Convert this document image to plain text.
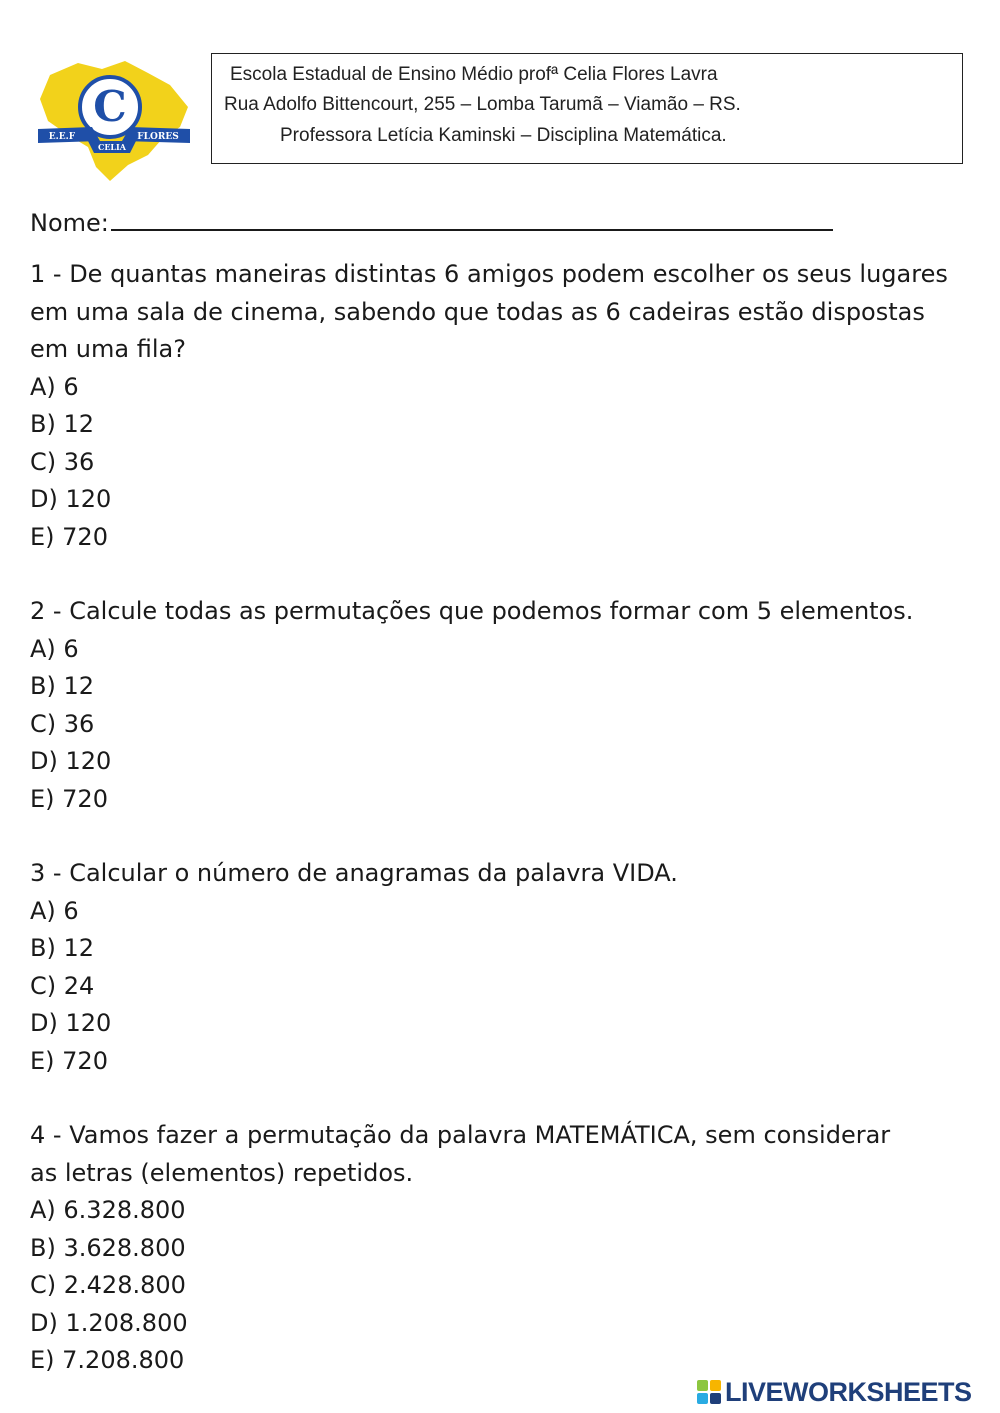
C
E.E.F	FLORES
CELIA
Escola Estadual de Ensino Médio profª Celia Flores Lavra
Rua Adolfo Bittencourt, 255 – Lomba Tarumã – Viamão – RS.
Professora Letícia Kaminski – Disciplina Matemática.
Nome:

1 - De quantas maneiras distintas 6 amigos podem escolher os seus lugares

em uma sala de cinema, sabendo que todas as 6 cadeiras estão dispostas

em uma fila?

A) 6

B) 12

C) 36

D) 120

E) 720

2 - Calcule todas as permutações que podemos formar com 5 elementos.

A) 6

B) 12

C) 36

D) 120

E) 720

3 - Calcular o número de anagramas da palavra VIDA.

A) 6

B) 12

C) 24

D) 120

E) 720

4 - Vamos fazer a permutação da palavra MATEMÁTICA, sem considerar

as letras (elementos) repetidos.

A) 6.328.800

B) 3.628.800

C) 2.428.800

D) 1.208.800

E) 7.208.800

LIVEWORKSHEETS
